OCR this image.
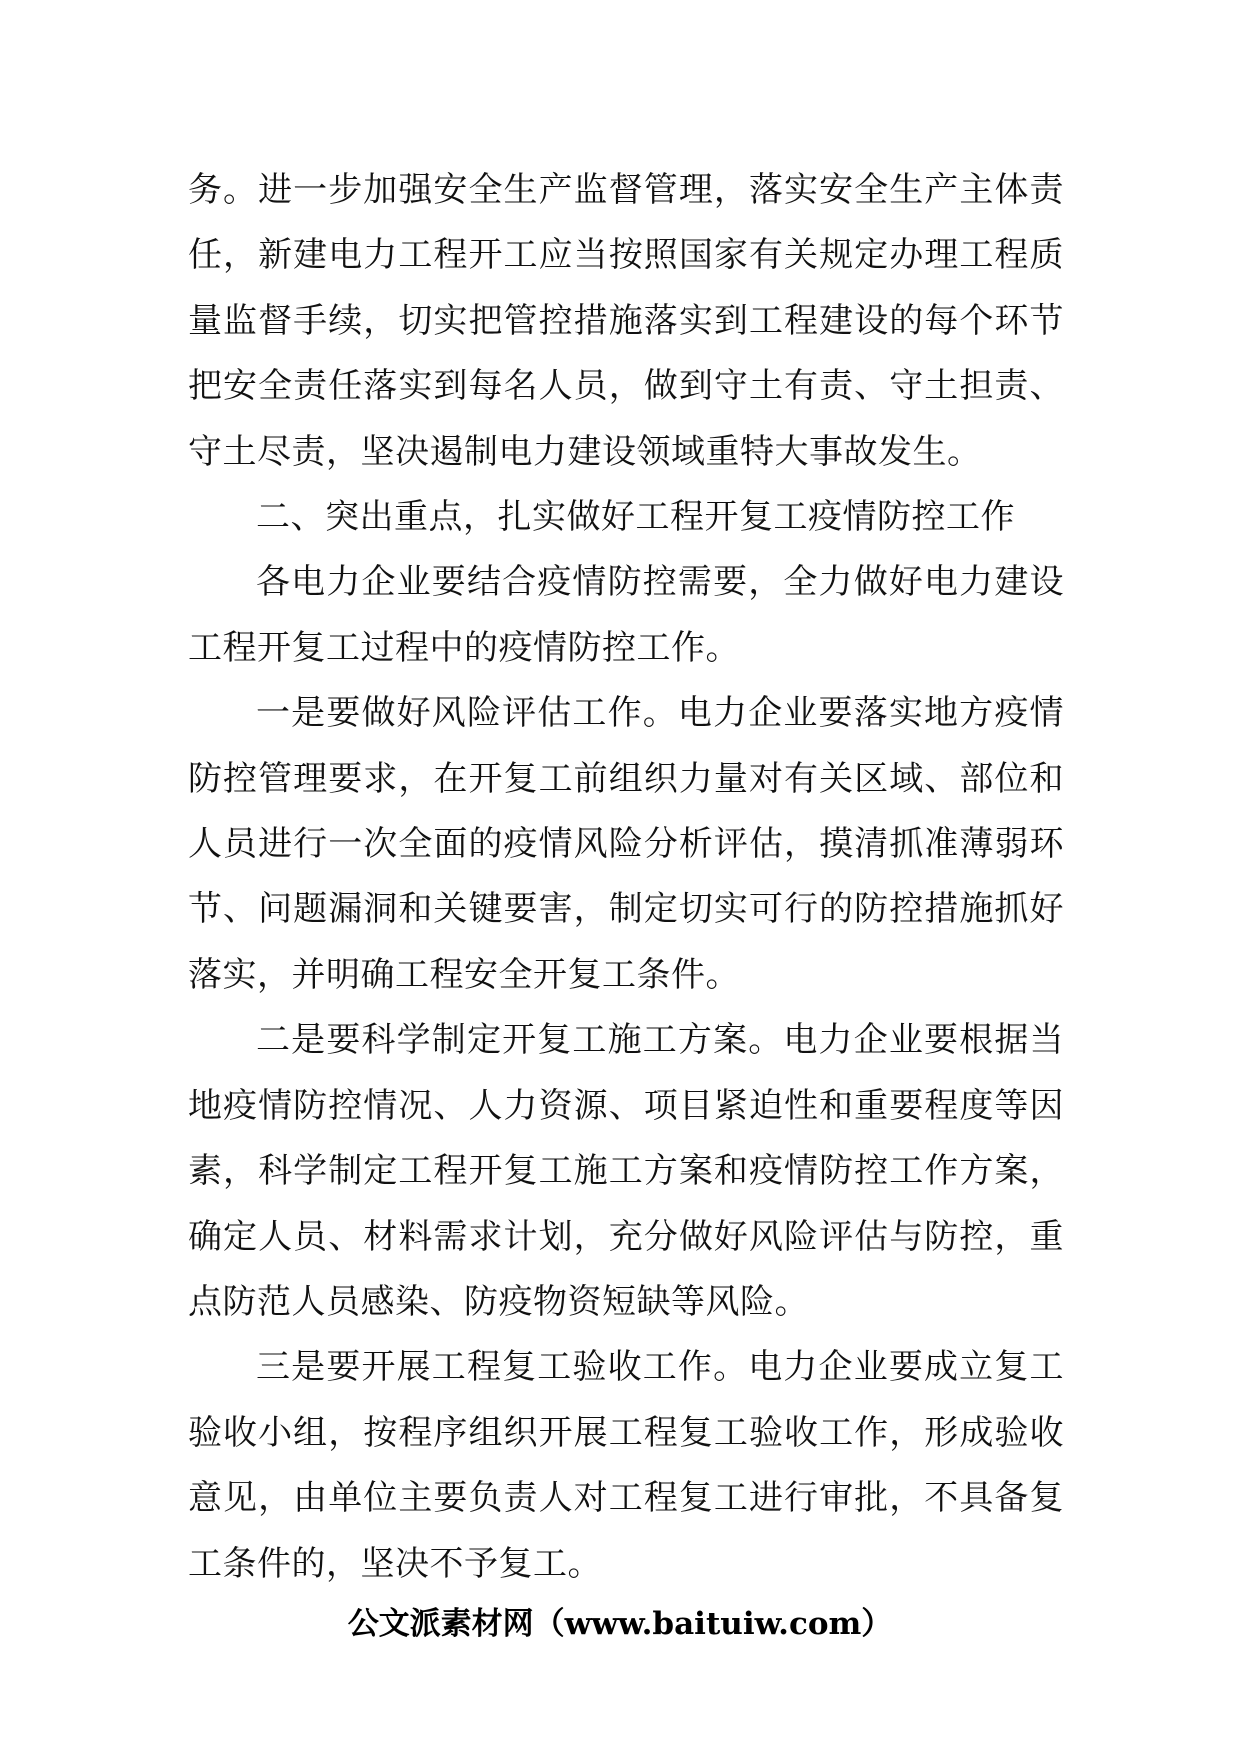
务。进一步加强安全生产监督管理，落实安全生产主体责任，新建电力工程开工应当按照国家有关规定办理工程质量监督手续，切实把管控措施落实到工程建设的每个环节把安全责任落实到每名人员，做到守土有责、守土担责、守土尽责，坚决遏制电力建设领域重特大事故发生。

二、突出重点，扎实做好工程开复工疫情防控工作

各电力企业要结合疫情防控需要，全力做好电力建设工程开复工过程中的疫情防控工作。

一是要做好风险评估工作。电力企业要落实地方疫情防控管理要求，在开复工前组织力量对有关区域、部位和人员进行一次全面的疫情风险分析评估，摸清抓准薄弱环节、问题漏洞和关键要害，制定切实可行的防控措施抓好落实，并明确工程安全开复工条件。

二是要科学制定开复工施工方案。电力企业要根据当地疫情防控情况、人力资源、项目紧迫性和重要程度等因素，科学制定工程开复工施工方案和疫情防控工作方案，确定人员、材料需求计划，充分做好风险评估与防控，重点防范人员感染、防疫物资短缺等风险。

三是要开展工程复工验收工作。电力企业要成立复工验收小组，按程序组织开展工程复工验收工作，形成验收意见，由单位主要负责人对工程复工进行审批，不具备复工条件的，坚决不予复工。

公文派素材网（www.baituiw.com）
